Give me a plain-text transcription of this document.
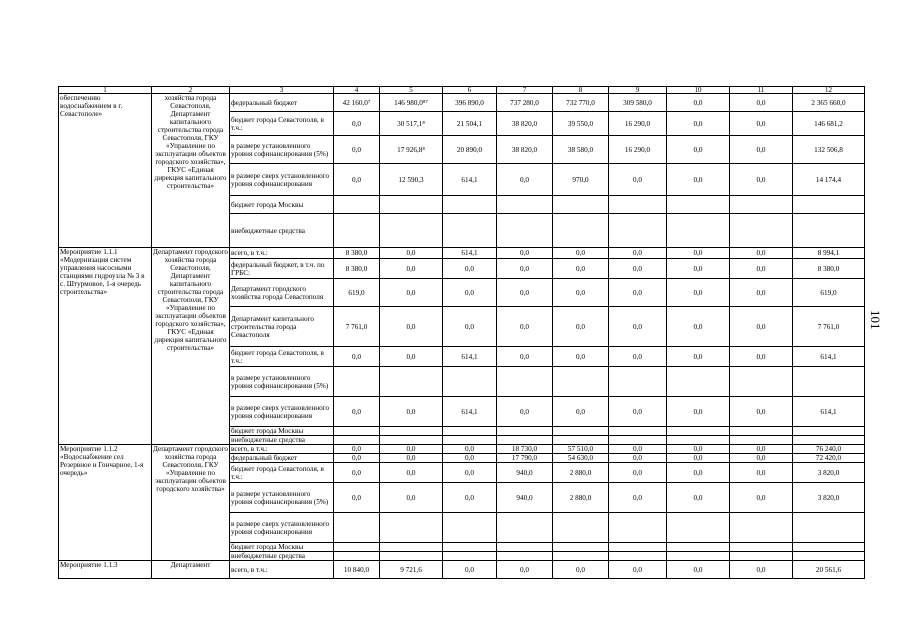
101
1	2	3	4	5	6	7	8	9	10	11	12
обеспечению водоснабжением в г. Севастополе»	хозяйства города Севастополя, Департамент капитального строительства города Севастополя, ГКУ «Управление по эксплуатации объектов городского хозяйства», ГКУС «Единая дирекция капитального строительства»	федеральный бюджет	42 160,0⁷	146 980,0⁸⁷	396 890,0	737 280,0	732 770,0	309 580,0	0,0	0,0	2 365 660,0
		бюджет города Севастополя, в т.ч.:	0,0	30 517,1⁸	21 504,1	38 820,0	39 550,0	16 290,0	0,0	0,0	146 681,2
		в размере установленного уровня софинансирования (5%)	0,0	17 926,8⁸	20 890,0	38 820,0	38 580,0	16 290,0	0,0	0,0	132 506,8
		в размере сверх установленного уровня софинансирования	0,0	12 590,3	614,1	0,0	970,0	0,0	0,0	0,0	14 174,4
		бюджет города Москвы									
		внебюджетные средства									
Мероприятие 1.1.1 «Модернизация систем управления насосными станциями гидроузла № 3 в с. Штурмовое, 1-я очередь строительства»	Департамент городского хозяйства города Севастополя, Департамент капитального строительства города Севастополя, ГКУ «Управление по эксплуатации объектов городского хозяйства», ГКУС «Единая дирекция капитального строительства»	всего, в т.ч.:	8 380,0	0,0	614,1	0,0	0,0	0,0	0,0	0,0	8 994,1
		федеральный бюджет, в т.ч. по ГРБС:	8 380,0	0,0	0,0	0,0	0,0	0,0	0,0	0,0	8 380,0
		Департамент городского хозяйства города Севастополя	619,0	0,0	0,0	0,0	0,0	0,0	0,0	0,0	619,0
		Департамент капитального строительства города Севастополя	7 761,0	0,0	0,0	0,0	0,0	0,0	0,0	0,0	7 761,0
		бюджет города Севастополя, в т.ч.:	0,0	0,0	614,1	0,0	0,0	0,0	0,0	0,0	614,1
		в размере установленного уровня софинансирования (5%)									
		в размере сверх установленного уровня софинансирования	0,0	0,0	614,1	0,0	0,0	0,0	0,0	0,0	614,1
		бюджет города Москвы									
		внебюджетные средства									
Мероприятие 1.1.2 «Водоснабжение сел Резервное и Гончарное, 1-я очередь»	Департамент городского хозяйства города Севастополя, ГКУ «Управление по эксплуатации объектов городского хозяйства»	всего, в т.ч.:	0,0	0,0	0,0	18 730,0	57 510,0	0,0	0,0	0,0	76 240,0
		федеральный бюджет	0,0	0,0	0,0	17 790,0	54 630,0	0,0	0,0	0,0	72 420,0
		бюджет города Севастополя, в т.ч.:	0,0	0,0	0,0	940,0	2 880,0	0,0	0,0	0,0	3 820,0
		в размере установленного уровня софинансирования (5%)	0,0	0,0	0,0	940,0	2 880,0	0,0	0,0	0,0	3 820,0
		в размере сверх установленного уровня софинансирования									
		бюджет города Москвы									
		внебюджетные средства									
Мероприятие 1.1.3	Департамент	всего, в т.ч.:	10 840,0	9 721,6	0,0	0,0	0,0	0,0	0,0	0,0	20 561,6
